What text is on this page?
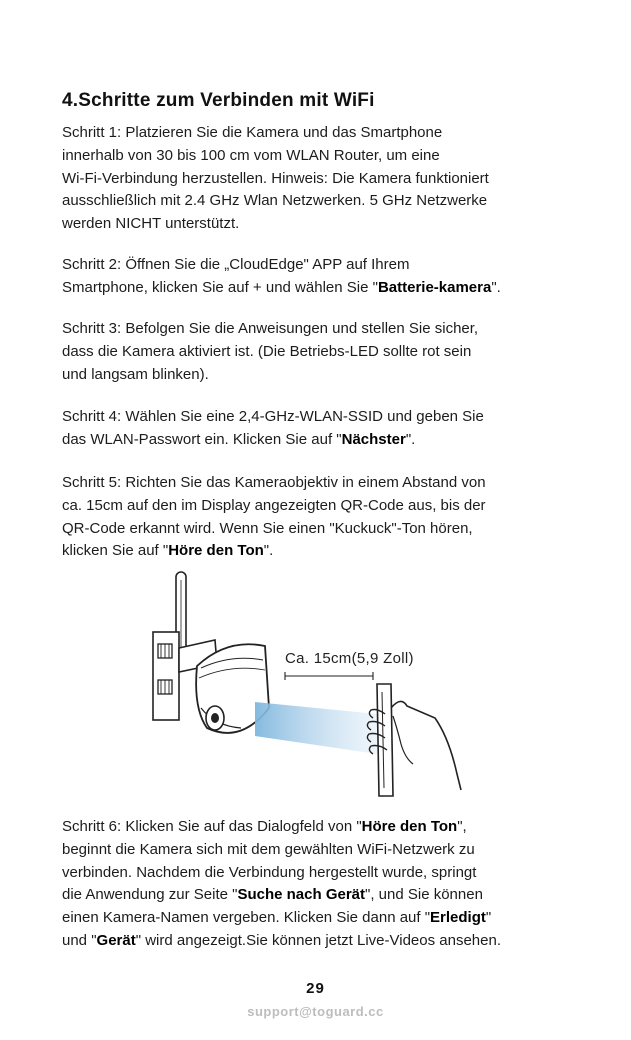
4.Schritte zum Verbinden mit WiFi

Schritt 1: Platzieren Sie die Kamera und das Smartphone
innerhalb von 30 bis 100 cm vom WLAN Router, um eine
Wi-Fi-Verbindung herzustellen. Hinweis: Die Kamera funktioniert
ausschließlich mit 2.4 GHz Wlan Netzwerken. 5 GHz Netzwerke
werden NICHT unterstützt.

Schritt 2: Öffnen Sie die „CloudEdge" APP auf Ihrem
Smartphone, klicken Sie auf + und wählen Sie "Batterie-kamera".

Schritt 3: Befolgen Sie die Anweisungen und stellen Sie sicher,
dass die Kamera aktiviert ist. (Die Betriebs-LED sollte rot sein
und langsam blinken).

Schritt 4: Wählen Sie eine 2,4-GHz-WLAN-SSID und geben Sie
das WLAN-Passwort ein. Klicken Sie auf "Nächster".

Schritt 5: Richten Sie das Kameraobjektiv in einem Abstand von
ca. 15cm auf den im Display angezeigten QR-Code aus, bis der
QR-Code erkannt wird. Wenn Sie einen "Kuckuck"-Ton hören,
klicken Sie auf "Höre den Ton".

Ca. 15cm(5,9 Zoll)

Schritt 6: Klicken Sie auf das Dialogfeld von "Höre den Ton",
beginnt die Kamera sich mit dem gewählten WiFi-Netzwerk zu
verbinden. Nachdem die Verbindung hergestellt wurde, springt
die Anwendung zur Seite "Suche nach Gerät", und Sie können
einen Kamera-Namen vergeben. Klicken Sie dann auf "Erledigt"
und "Gerät" wird angezeigt.Sie können jetzt Live-Videos ansehen.

29
support@toguard.cc
